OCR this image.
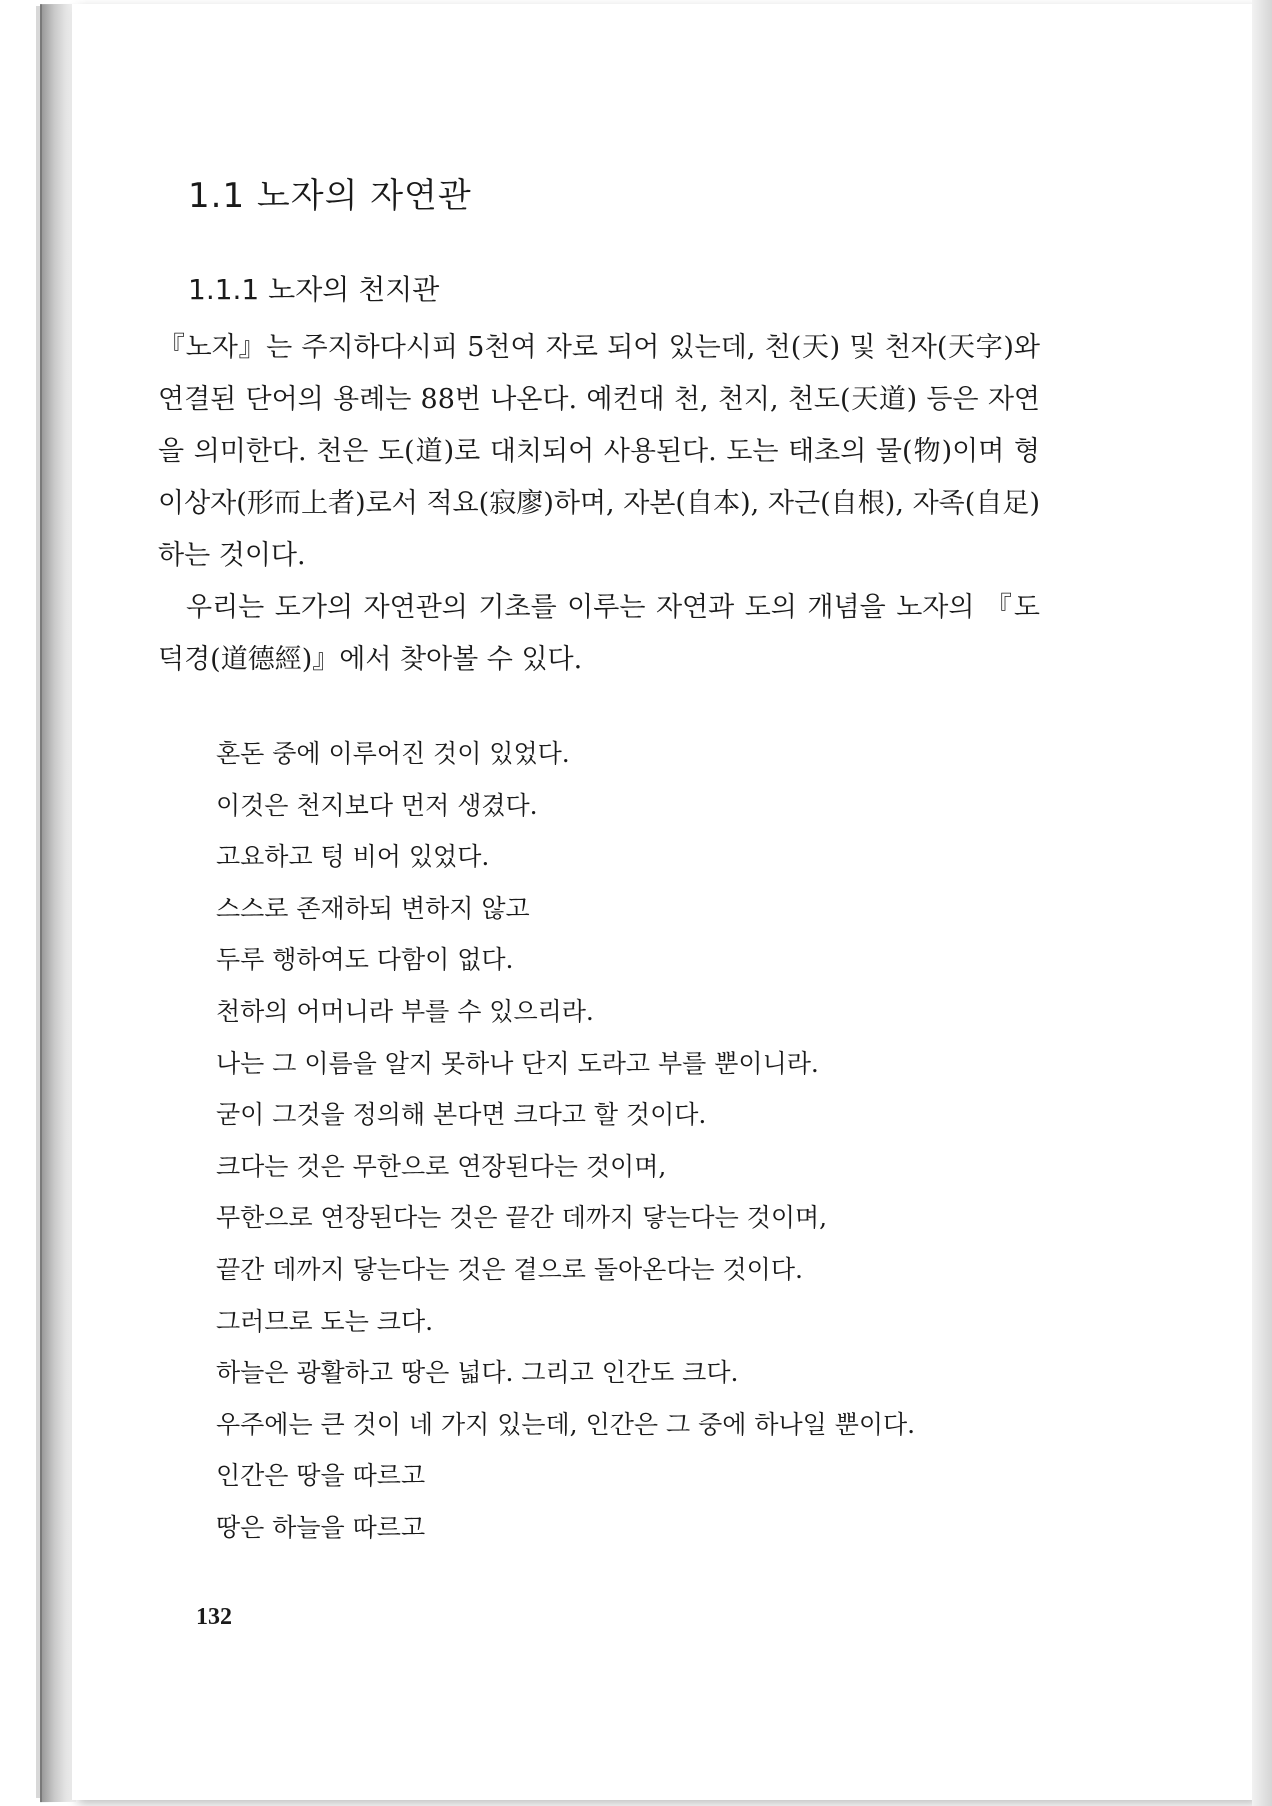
1.1 노자의 자연관
1.1.1 노자의 천지관

『노자』는 주지하다시피 5천여 자로 되어 있는데, 천(天) 및 천자(天字)와 연결된 단어의 용례는 88번 나온다. 예컨대 천, 천지, 천도(天道) 등은 자연을 의미한다. 천은 도(道)로 대치되어 사용된다. 도는 태초의 물(物)이며 형이상자(形而上者)로서 적요(寂廖)하며, 자본(自本), 자근(自根), 자족(自足)하는 것이다.

우리는 도가의 자연관의 기초를 이루는 자연과 도의 개념을 노자의 『도덕경(道德經)』에서 찾아볼 수 있다.

혼돈 중에 이루어진 것이 있었다.
이것은 천지보다 먼저 생겼다.
고요하고 텅 비어 있었다.
스스로 존재하되 변하지 않고
두루 행하여도 다함이 없다.
천하의 어머니라 부를 수 있으리라.
나는 그 이름을 알지 못하나 단지 도라고 부를 뿐이니라.
굳이 그것을 정의해 본다면 크다고 할 것이다.
크다는 것은 무한으로 연장된다는 것이며,
무한으로 연장된다는 것은 끝간 데까지 닿는다는 것이며,
끝간 데까지 닿는다는 것은 곁으로 돌아온다는 것이다.
그러므로 도는 크다.
하늘은 광활하고 땅은 넓다. 그리고 인간도 크다.
우주에는 큰 것이 네 가지 있는데, 인간은 그 중에 하나일 뿐이다.
인간은 땅을 따르고
땅은 하늘을 따르고
132
